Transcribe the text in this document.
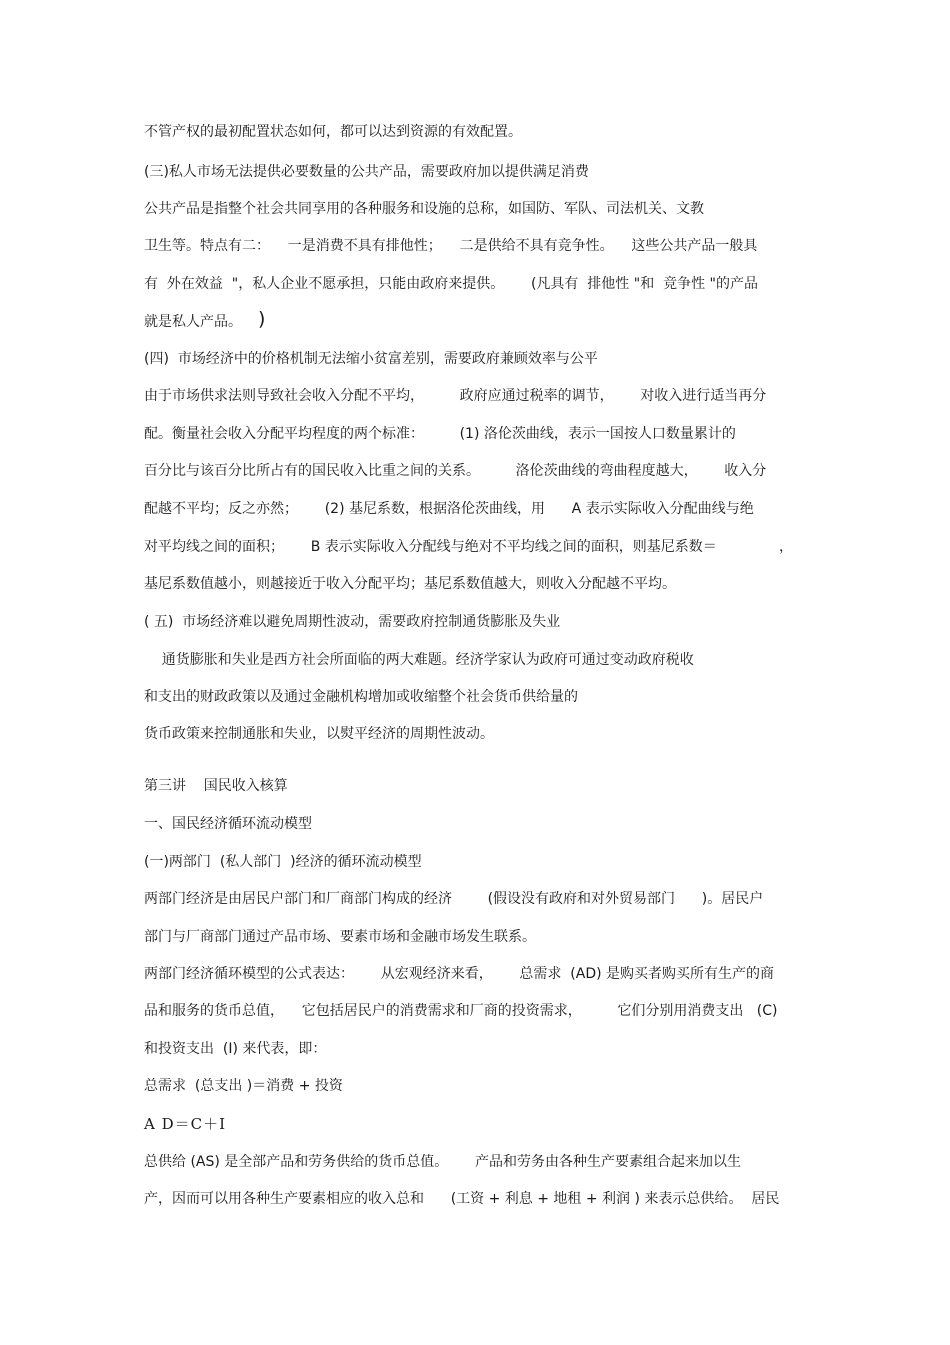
不管产权的最初配置状态如何，都可以达到资源的有效配置。

(三)私人市场无法提供必要数量的公共产品，需要政府加以提供满足消费

公共产品是指整个社会共同享用的各种服务和设施的总称，如国防、军队、司法机关、文教

卫生等。特点有二：    一是消费不具有排他性；    二是供给不具有竞争性。    这些公共产品一般具

有  外在效益  "，私人企业不愿承担，只能由政府来提供。      (凡具有  排他性 "和  竞争性 "的产品

就是私人产品。 )

(四)  市场经济中的价格机制无法缩小贫富差别，需要政府兼顾效率与公平

由于市场供求法则导致社会收入分配不平均，        政府应通过税率的调节，      对收入进行适当再分

配。衡量社会收入分配平均程度的两个标准：        (1) 洛伦茨曲线，表示一国按人口数量累计的

百分比与该百分比所占有的国民收入比重之间的关系。        洛伦茨曲线的弯曲程度越大，      收入分

配越不平均；反之亦然；      (2) 基尼系数，根据洛伦茨曲线，用      A 表示实际收入分配曲线与绝

对平均线之间的面积；      B 表示实际收入分配线与绝对不平均线之间的面积，则基尼系数＝              ，

基尼系数值越小，则越接近于收入分配平均；基尼系数值越大，则收入分配越不平均。

( 五)  市场经济难以避免周期性波动，需要政府控制通货膨胀及失业

通货膨胀和失业是西方社会所面临的两大难题。经济学家认为政府可通过变动政府税收

和支出的财政政策以及通过金融机构增加或收缩整个社会货币供给量的

货币政策来控制通胀和失业，以熨平经济的周期性波动。

第三讲    国民收入核算

一、国民经济循环流动模型

(一)两部门  (私人部门  )经济的循环流动模型

两部门经济是由居民户部门和厂商部门构成的经济        (假设没有政府和对外贸易部门      )。居民户

部门与厂商部门通过产品市场、要素市场和金融市场发生联系。

两部门经济循环模型的公式表达：      从宏观经济来看，      总需求  (AD) 是购买者购买所有生产的商

品和服务的货币总值，    它包括居民户的消费需求和厂商的投资需求，        它们分别用消费支出   (C)

和投资支出  (I) 来代表，即：

总需求  (总支出 )＝消费 + 投资

A D＝C＋I

总供给 (AS) 是全部产品和劳务供给的货币总值。      产品和劳务由各种生产要素组合起来加以生

产，因而可以用各种生产要素相应的收入总和      (工资 + 利息 + 地租 + 利润 ) 来表示总供给。  居民
